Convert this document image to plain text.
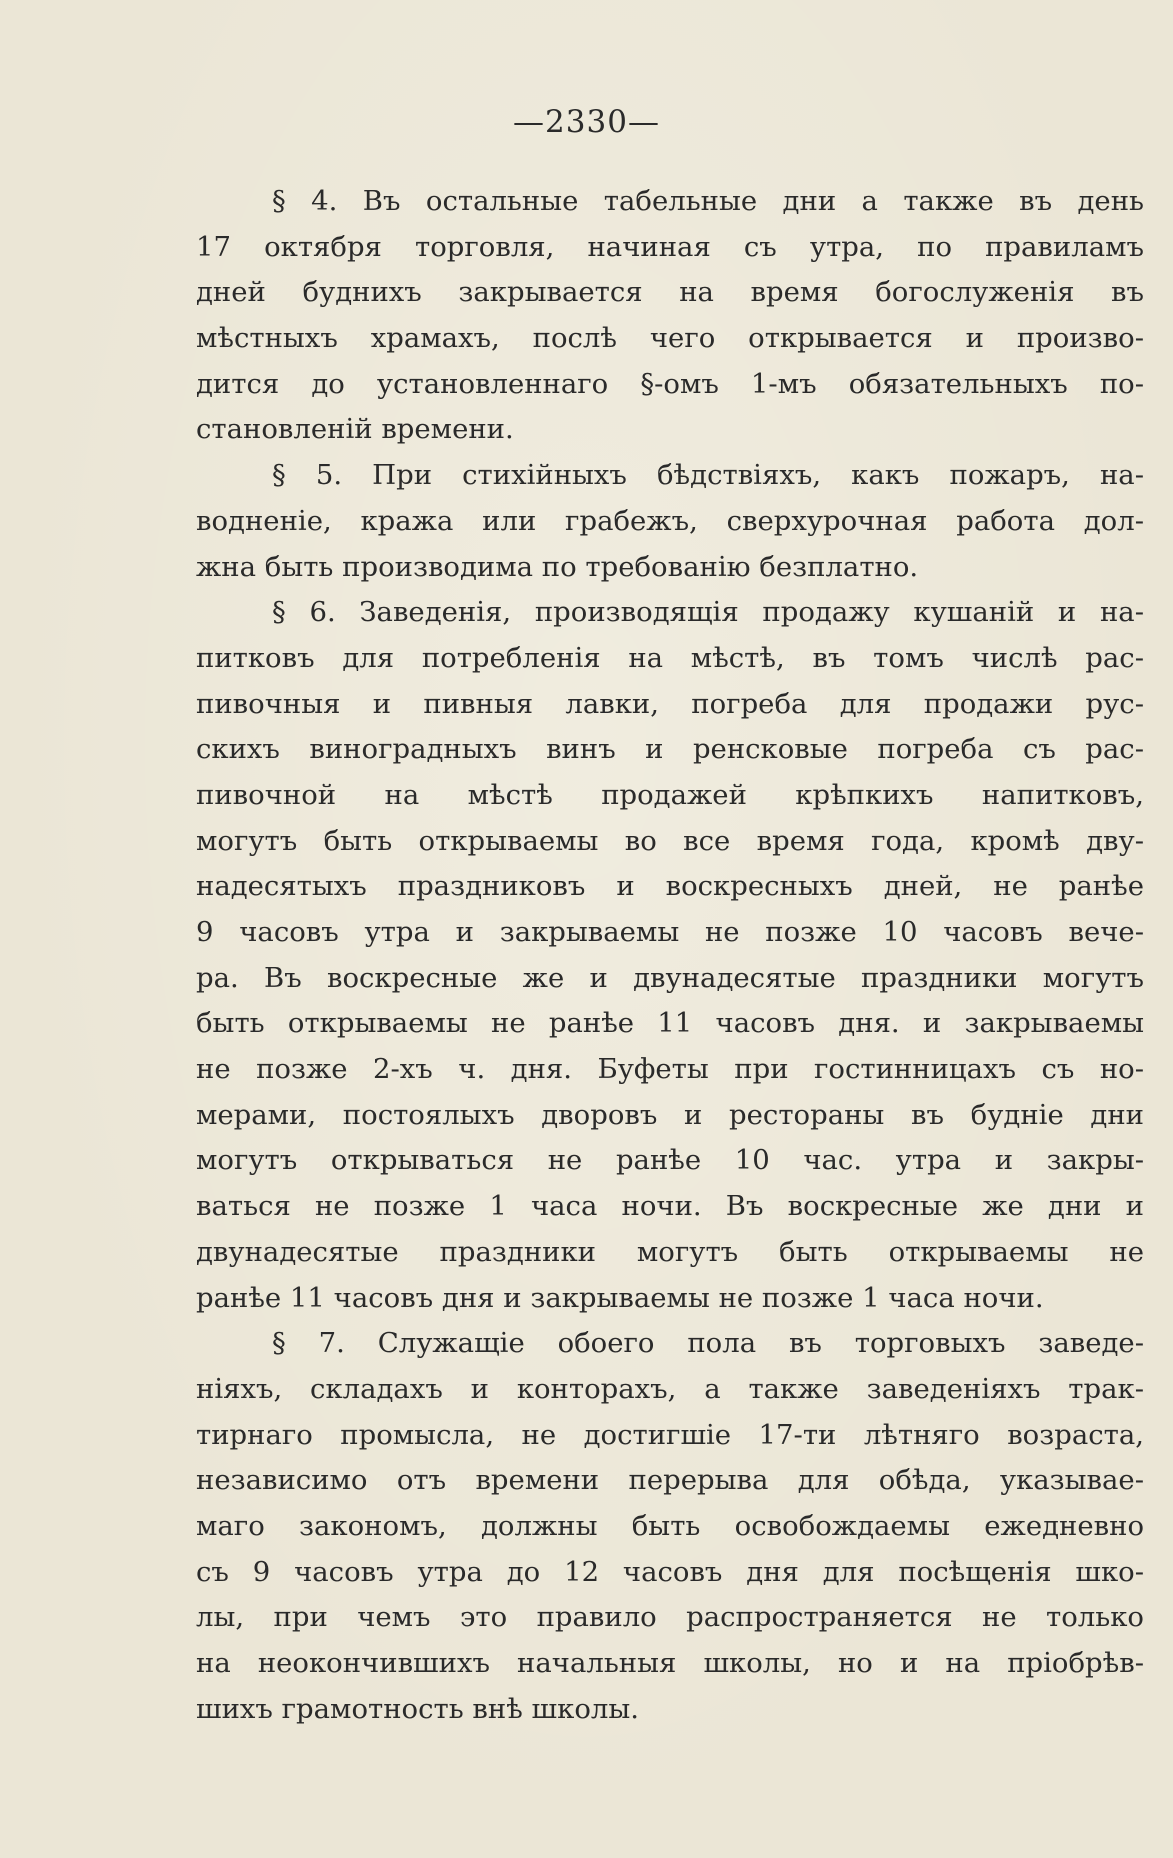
—2330—
§ 4. Въ остальные табельные дни а также въ день
17 октября торговля, начиная съ утра, по правиламъ
дней буднихъ закрывается на время богослуженія въ
мѣстныхъ храмахъ, послѣ чего открывается и произво-
дится до установленнаго §-омъ 1-мъ обязательныхъ по-
становленій времени.
§ 5. При стихійныхъ бѣдствіяхъ, какъ пожаръ, на-
водненіе, кража или грабежъ, сверхурочная работа дол-
жна быть производима по требованію безплатно.
§ 6. Заведенія, производящія продажу кушаній и на-
питковъ для потребленія на мѣстѣ, въ томъ числѣ рас-
пивочныя и пивныя лавки, погреба для продажи рус-
скихъ виноградныхъ винъ и ренсковые погреба съ рас-
пивочной на мѣстѣ продажей крѣпкихъ напитковъ,
могутъ быть открываемы во все время года, кромѣ дву-
надесятыхъ праздниковъ и воскресныхъ дней, не ранѣе
9 часовъ утра и закрываемы не позже 10 часовъ вече-
ра. Въ воскресные же и двунадесятые праздники могутъ
быть открываемы не ранѣе 11 часовъ дня. и закрываемы
не позже 2-хъ ч. дня. Буфеты при гостинницахъ съ но-
мерами, постоялыхъ дворовъ и рестораны въ будніе дни
могутъ открываться не ранѣе 10 час. утра и закры-
ваться не позже 1 часа ночи. Въ воскресные же дни и
двунадесятые праздники могутъ быть открываемы не
ранѣе 11 часовъ дня и закрываемы не позже 1 часа ночи.
§ 7. Служащіе обоего пола въ торговыхъ заведе-
ніяхъ, складахъ и конторахъ, а также заведеніяхъ трак-
тирнаго промысла, не достигшіе 17-ти лѣтняго возраста,
независимо отъ времени перерыва для обѣда, указывае-
маго закономъ, должны быть освобождаемы ежедневно
съ 9 часовъ утра до 12 часовъ дня для посѣщенія шко-
лы, при чемъ это правило распространяется не только
на неокончившихъ начальныя школы, но и на пріобрѣв-
шихъ грамотность внѣ школы.
